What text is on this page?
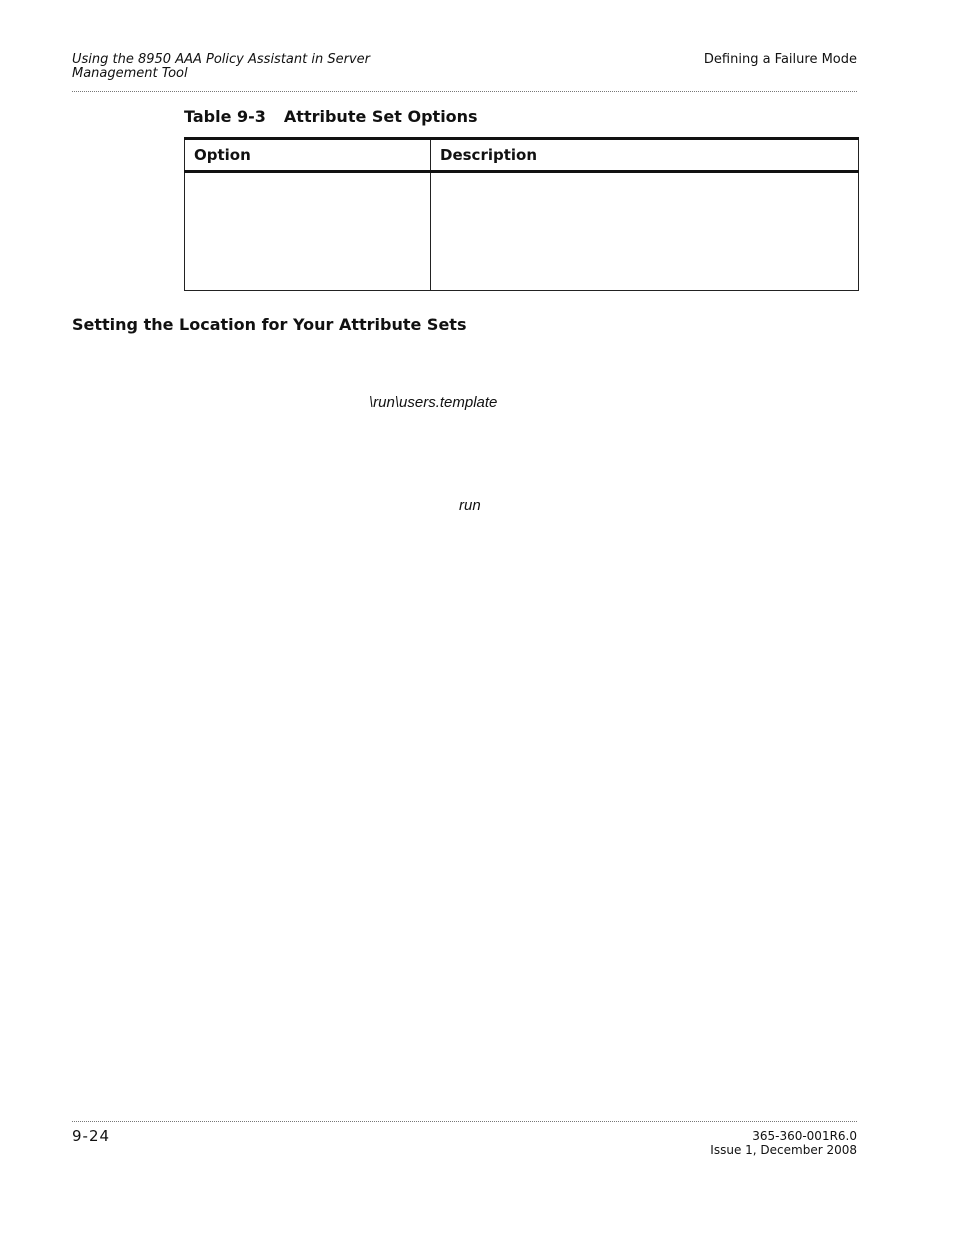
Using the 8950 AAA Policy Assistant in Server
Management Tool
Defining a Failure Mode
Table 9-3 Attribute Set Options
Option	Description

Setting the Location for Your Attribute Sets
\run\users.template
run
9-24	365-360-001R6.0
Issue 1, December 2008
